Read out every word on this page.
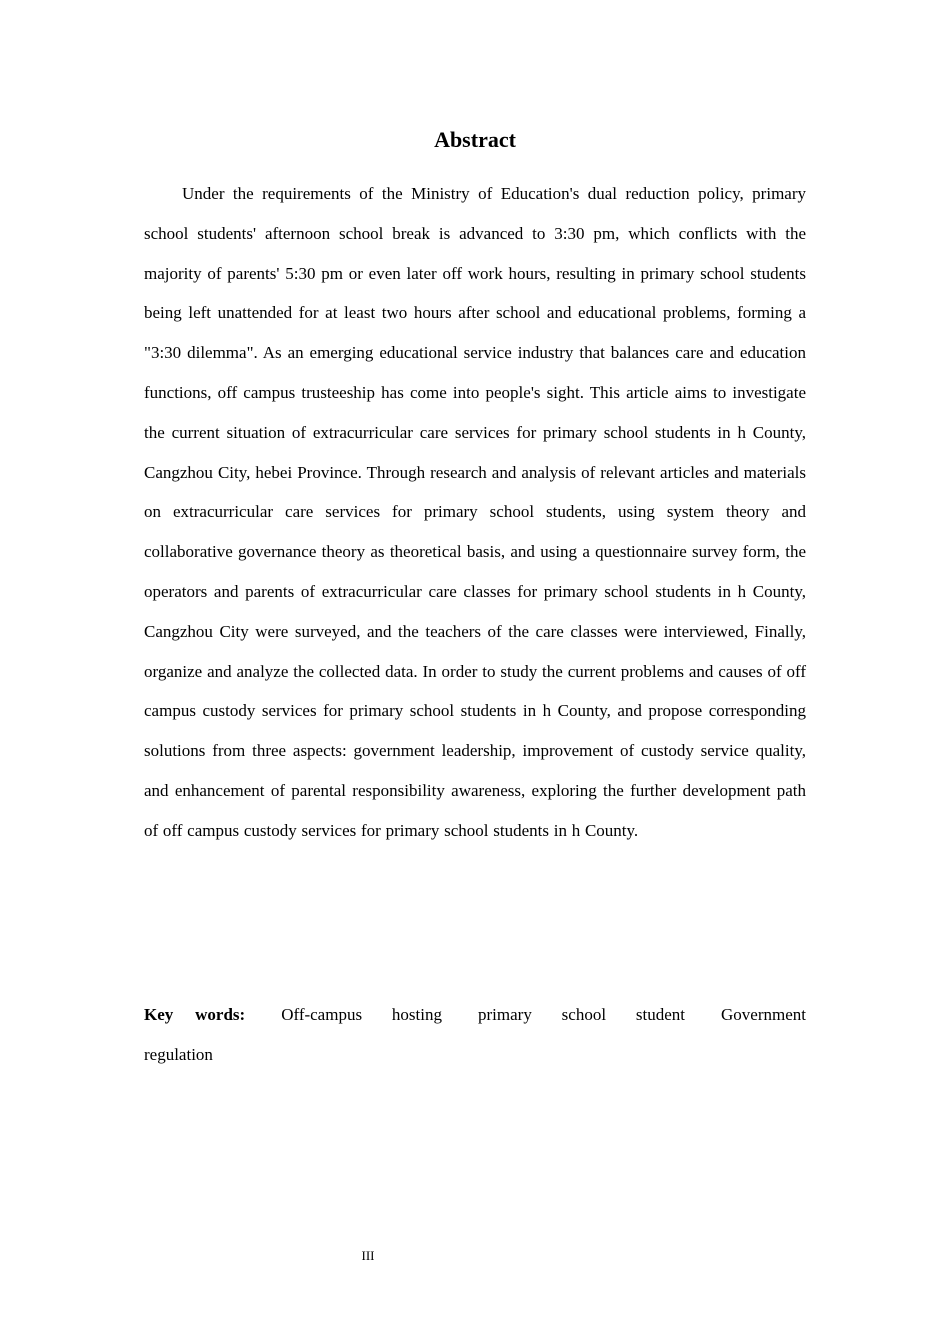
Abstract

Under the requirements of the Ministry of Education's dual reduction policy, primary school students' afternoon school break is advanced to 3:30 pm, which conflicts with the majority of parents' 5:30 pm or even later off work hours, resulting in primary school students being left unattended for at least two hours after school and educational problems, forming a "3:30 dilemma". As an emerging educational service industry that balances care and education functions, off campus trusteeship has come into people's sight. This article aims to investigate the current situation of extracurricular care services for primary school students in h County, Cangzhou City, hebei Province. Through research and analysis of relevant articles and materials on extracurricular care services for primary school students, using system theory and collaborative governance theory as theoretical basis, and using a questionnaire survey form, the operators and parents of extracurricular care classes for primary school students in h County, Cangzhou City were surveyed, and the teachers of the care classes were interviewed, Finally, organize and analyze the collected data. In order to study the current problems and causes of off campus custody services for primary school students in h County, and propose corresponding solutions from three aspects: government leadership, improvement of custody service quality, and enhancement of parental responsibility awareness, exploring the further development path of off campus custody services for primary school students in h County.

Key words: Off-campus hosting primary school student Government regulation

III
